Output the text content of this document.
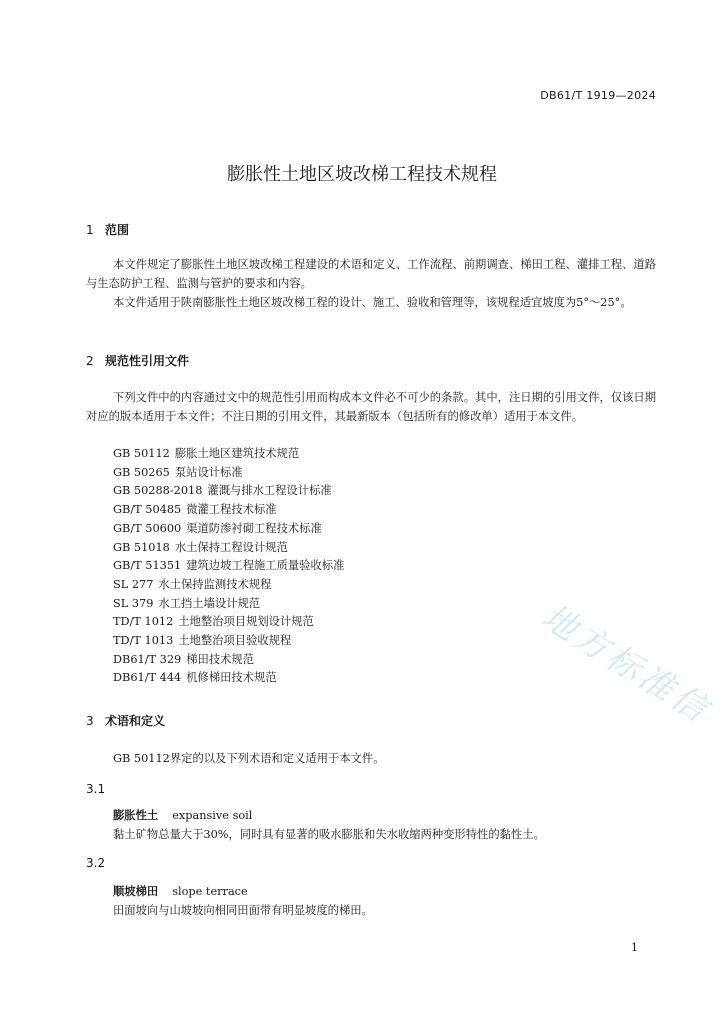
DB61/T 1919—2024
膨胀性土地区坡改梯工程技术规程
1 范围

本文件规定了膨胀性土地区坡改梯工程建设的术语和定义、工作流程、前期调查、梯田工程、灌排工程、道路与生态防护工程、监测与管护的要求和内容。

本文件适用于陕南膨胀性土地区坡改梯工程的设计、施工、验收和管理等，该规程适宜坡度为5°～25°。

2 规范性引用文件

下列文件中的内容通过文中的规范性引用而构成本文件必不可少的条款。其中，注日期的引用文件，仅该日期对应的版本适用于本文件；不注日期的引用文件，其最新版本（包括所有的修改单）适用于本文件。

GB 50112 膨胀土地区建筑技术规范
GB 50265 泵站设计标准
GB 50288-2018 灌溉与排水工程设计标准
GB/T 50485 微灌工程技术标准
GB/T 50600 渠道防渗衬砌工程技术标准
GB 51018 水土保持工程设计规范
GB/T 51351 建筑边坡工程施工质量验收标准
SL 277 水土保持监测技术规程
SL 379 水工挡土墙设计规范
TD/T 1012 土地整治项目规划设计规范
TD/T 1013 土地整治项目验收规程
DB61/T 329 梯田技术规范
DB61/T 444 机修梯田技术规范
3 术语和定义
GB 50112界定的以及下列术语和定义适用于本文件。
3.1
膨胀性土 expansive soil
黏土矿物总量大于30%，同时具有显著的吸水膨胀和失水收缩两种变形特性的黏性土。
3.2
顺坡梯田 slope terrace
田面坡向与山坡坡向相同田面带有明显坡度的梯田。
1
地方标准信
